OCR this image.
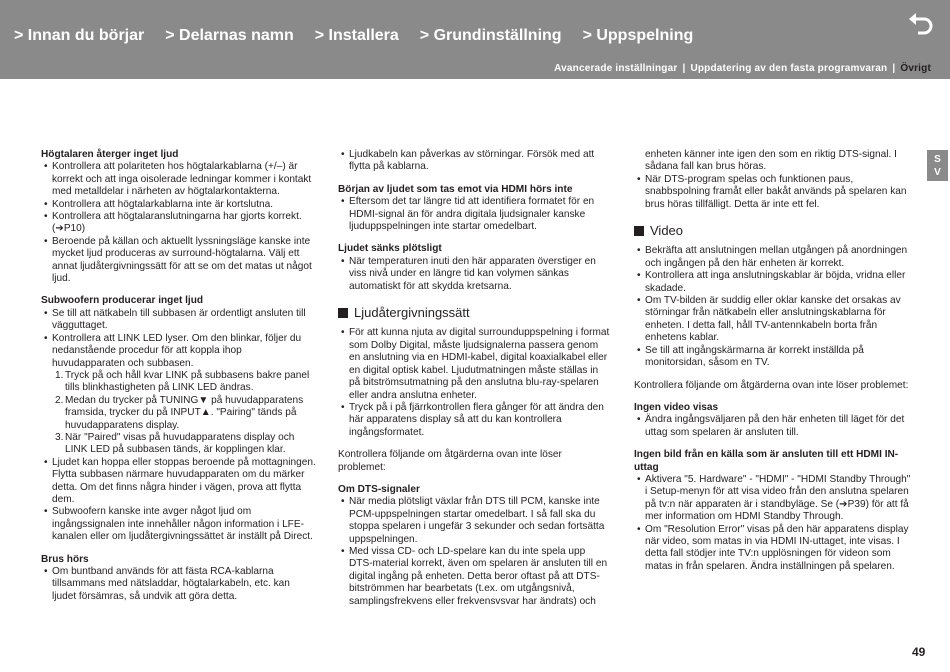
> Innan du börjar > Delarnas namn > Installera > Grundinställning > Uppspelning
Avancerade inställningar | Uppdatering av den fasta programvaran | Övrigt
S
V

Högtalaren återger inget ljud

• Kontrollera att polariteten hos högtalarkablarna (+/–) är korrekt och att inga oisolerade ledningar kommer i kontakt med metalldelar i närheten av högtalarkontakterna.
• Kontrollera att högtalarkablarna inte är kortslutna.
• Kontrollera att högtalaranslutningarna har gjorts korrekt. (➔P10)
• Beroende på källan och aktuellt lyssningsläge kanske inte mycket ljud produceras av surround-högtalarna. Välj ett annat ljudåtergivningssätt för att se om det matas ut något ljud.

Subwoofern producerar inget ljud

• Se till att nätkabeln till subbasen är ordentligt ansluten till vägguttaget.
• Kontrollera att LINK LED lyser. Om den blinkar, följer du nedanstående procedur för att koppla ihop huvudapparaten och subbasen.
1. Tryck på och håll kvar LINK på subbasens bakre panel tills blinkhastigheten på LINK LED ändras.
2. Medan du trycker på TUNING▼ på huvudapparatens framsida, trycker du på INPUT▲. "Pairing" tänds på huvudapparatens display.
3. När "Paired" visas på huvudapparatens display och LINK LED på subbasen tänds, är kopplingen klar.
• Ljudet kan hoppa eller stoppas beroende på mottagningen. Flytta subbasen närmare huvudapparaten om du märker detta. Om det finns några hinder i vägen, prova att flytta dem.
• Subwoofern kanske inte avger något ljud om ingångssignalen inte innehåller någon information i LFE-kanalen eller om ljudåtergivningssättet är inställt på Direct.

Brus hörs

• Om buntband används för att fästa RCA-kablarna tillsammans med nätsladdar, högtalarkabeln, etc. kan ljudet försämras, så undvik att göra detta.
• Ljudkabeln kan påverkas av störningar. Försök med att flytta på kablarna.

Början av ljudet som tas emot via HDMI hörs inte

• Eftersom det tar längre tid att identifiera formatet för en HDMI-signal än för andra digitala ljudsignaler kanske ljuduppspelningen inte startar omedelbart.

Ljudet sänks plötsligt

• När temperaturen inuti den här apparaten överstiger en viss nivå under en längre tid kan volymen sänkas automatiskt för att skydda kretsarna.

Ljudåtergivningssätt

• För att kunna njuta av digital surrounduppspelning i format som Dolby Digital, måste ljudsignalerna passera genom en anslutning via en HDMI-kabel, digital koaxialkabel eller en digital optisk kabel. Ljudutmatningen måste ställas in på bitströmsutmatning på den anslutna blu-ray-spelaren eller andra anslutna enheter.
• Tryck på i på fjärrkontrollen flera gånger för att ändra den här apparatens display så att du kan kontrollera ingångsformatet.

Kontrollera följande om åtgärderna ovan inte löser problemet:

Om DTS-signaler

• När media plötsligt växlar från DTS till PCM, kanske inte PCM-uppspelningen startar omedelbart. I så fall ska du stoppa spelaren i ungefär 3 sekunder och sedan fortsätta uppspelningen.
• Med vissa CD- och LD-spelare kan du inte spela upp DTS-material korrekt, även om spelaren är ansluten till en digital ingång på enheten. Detta beror oftast på att DTS-bitströmmen har bearbetats (t.ex. om utgångsnivå, samplingsfrekvens eller frekvensvsvar har ändrats) och

enheten känner inte igen den som en riktig DTS-signal. I sådana fall kan brus höras.

• När DTS-program spelas och funktionen paus, snabbspolning framåt eller bakåt används på spelaren kan brus höras tillfälligt. Detta är inte ett fel.

Video

• Bekräfta att anslutningen mellan utgången på anordningen och ingången på den här enheten är korrekt.
• Kontrollera att inga anslutningskablar är böjda, vridna eller skadade.
• Om TV-bilden är suddig eller oklar kanske det orsakas av störningar från nätkabeln eller anslutningskablarna för enheten. I detta fall, håll TV-antennkabeln borta från enhetens kablar.
• Se till att ingångskärmarna är korrekt inställda på monitorsidan, såsom en TV.

Kontrollera följande om åtgärderna ovan inte löser problemet:

Ingen video visas

• Ändra ingångsväljaren på den här enheten till läget för det uttag som spelaren är ansluten till.

Ingen bild från en källa som är ansluten till ett HDMI IN-uttag

• Aktivera "5. Hardware" - "HDMI" - "HDMI Standby Through" i Setup-menyn för att visa video från den anslutna spelaren på tv:n när apparaten är i standbyläge. Se (➔P39) för att få mer information om HDMI Standby Through.
• Om "Resolution Error" visas på den här apparatens display när video, som matas in via HDMI IN-uttaget, inte visas. I detta fall stödjer inte TV:n upplösningen för videon som matas in från spelaren. Ändra inställningen på spelaren.
49
